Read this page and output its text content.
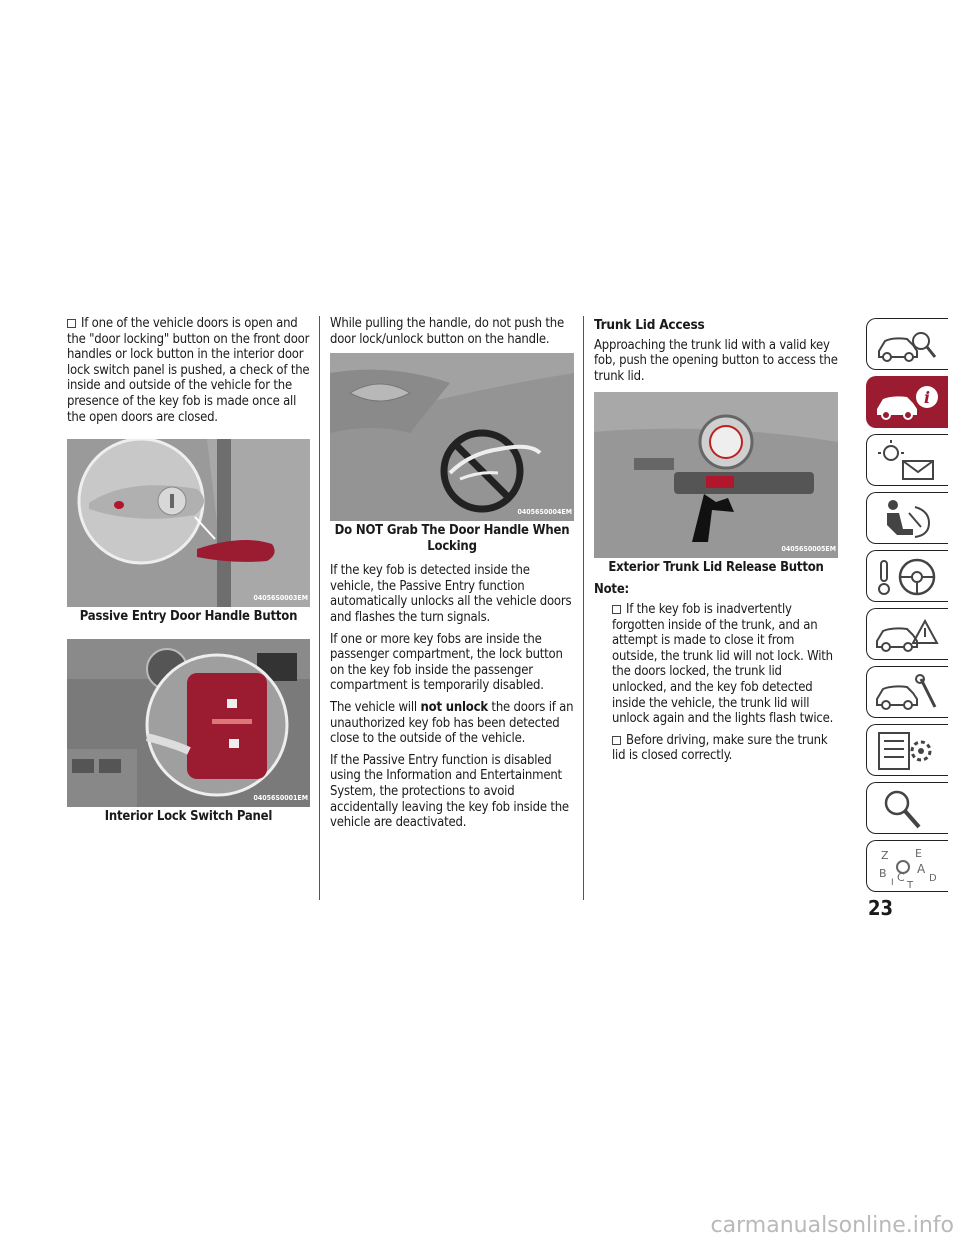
If one of the vehicle doors is open and the "door locking" button on the front door handles or lock button in the interior door lock switch panel is pushed, a check of the inside and outside of the vehicle for the presence of the key fob is made once all the open doors are closed.
04056S0003EM
Passive Entry Door Handle Button
04056S0001EM
Interior Lock Switch Panel

While pulling the handle, do not push the door lock/unlock button on the handle.

04056S0004EM
Do NOT Grab The Door Handle When Locking

If the key fob is detected inside the vehicle, the Passive Entry function automatically unlocks all the vehicle doors and flashes the turn signals.

If one or more key fobs are inside the passenger compartment, the lock button on the key fob inside the passenger compartment is temporarily disabled.

The vehicle will not unlock the doors if an unauthorized key fob has been detected close to the outside of the vehicle.

If the Passive Entry function is disabled using the Information and Entertainment System, the protections to avoid accidentally leaving the key fob inside the vehicle are deactivated.

Trunk Lid Access

Approaching the trunk lid with a valid key fob, push the opening button to access the trunk lid.

04056S0005EM
Exterior Trunk Lid Release Button
Note:
If the key fob is inadvertently forgotten inside of the trunk, and an attempt is made to close it from outside, the trunk lid will not lock. With the doors locked, the trunk lid unlocked, and the key fob detected inside the vehicle, the trunk lid will unlock again and the lights flash twice.
Before driving, make sure the trunk lid is closed correctly.
i
Z E
A
B C D
T
I
23
carmanualsonline.info
